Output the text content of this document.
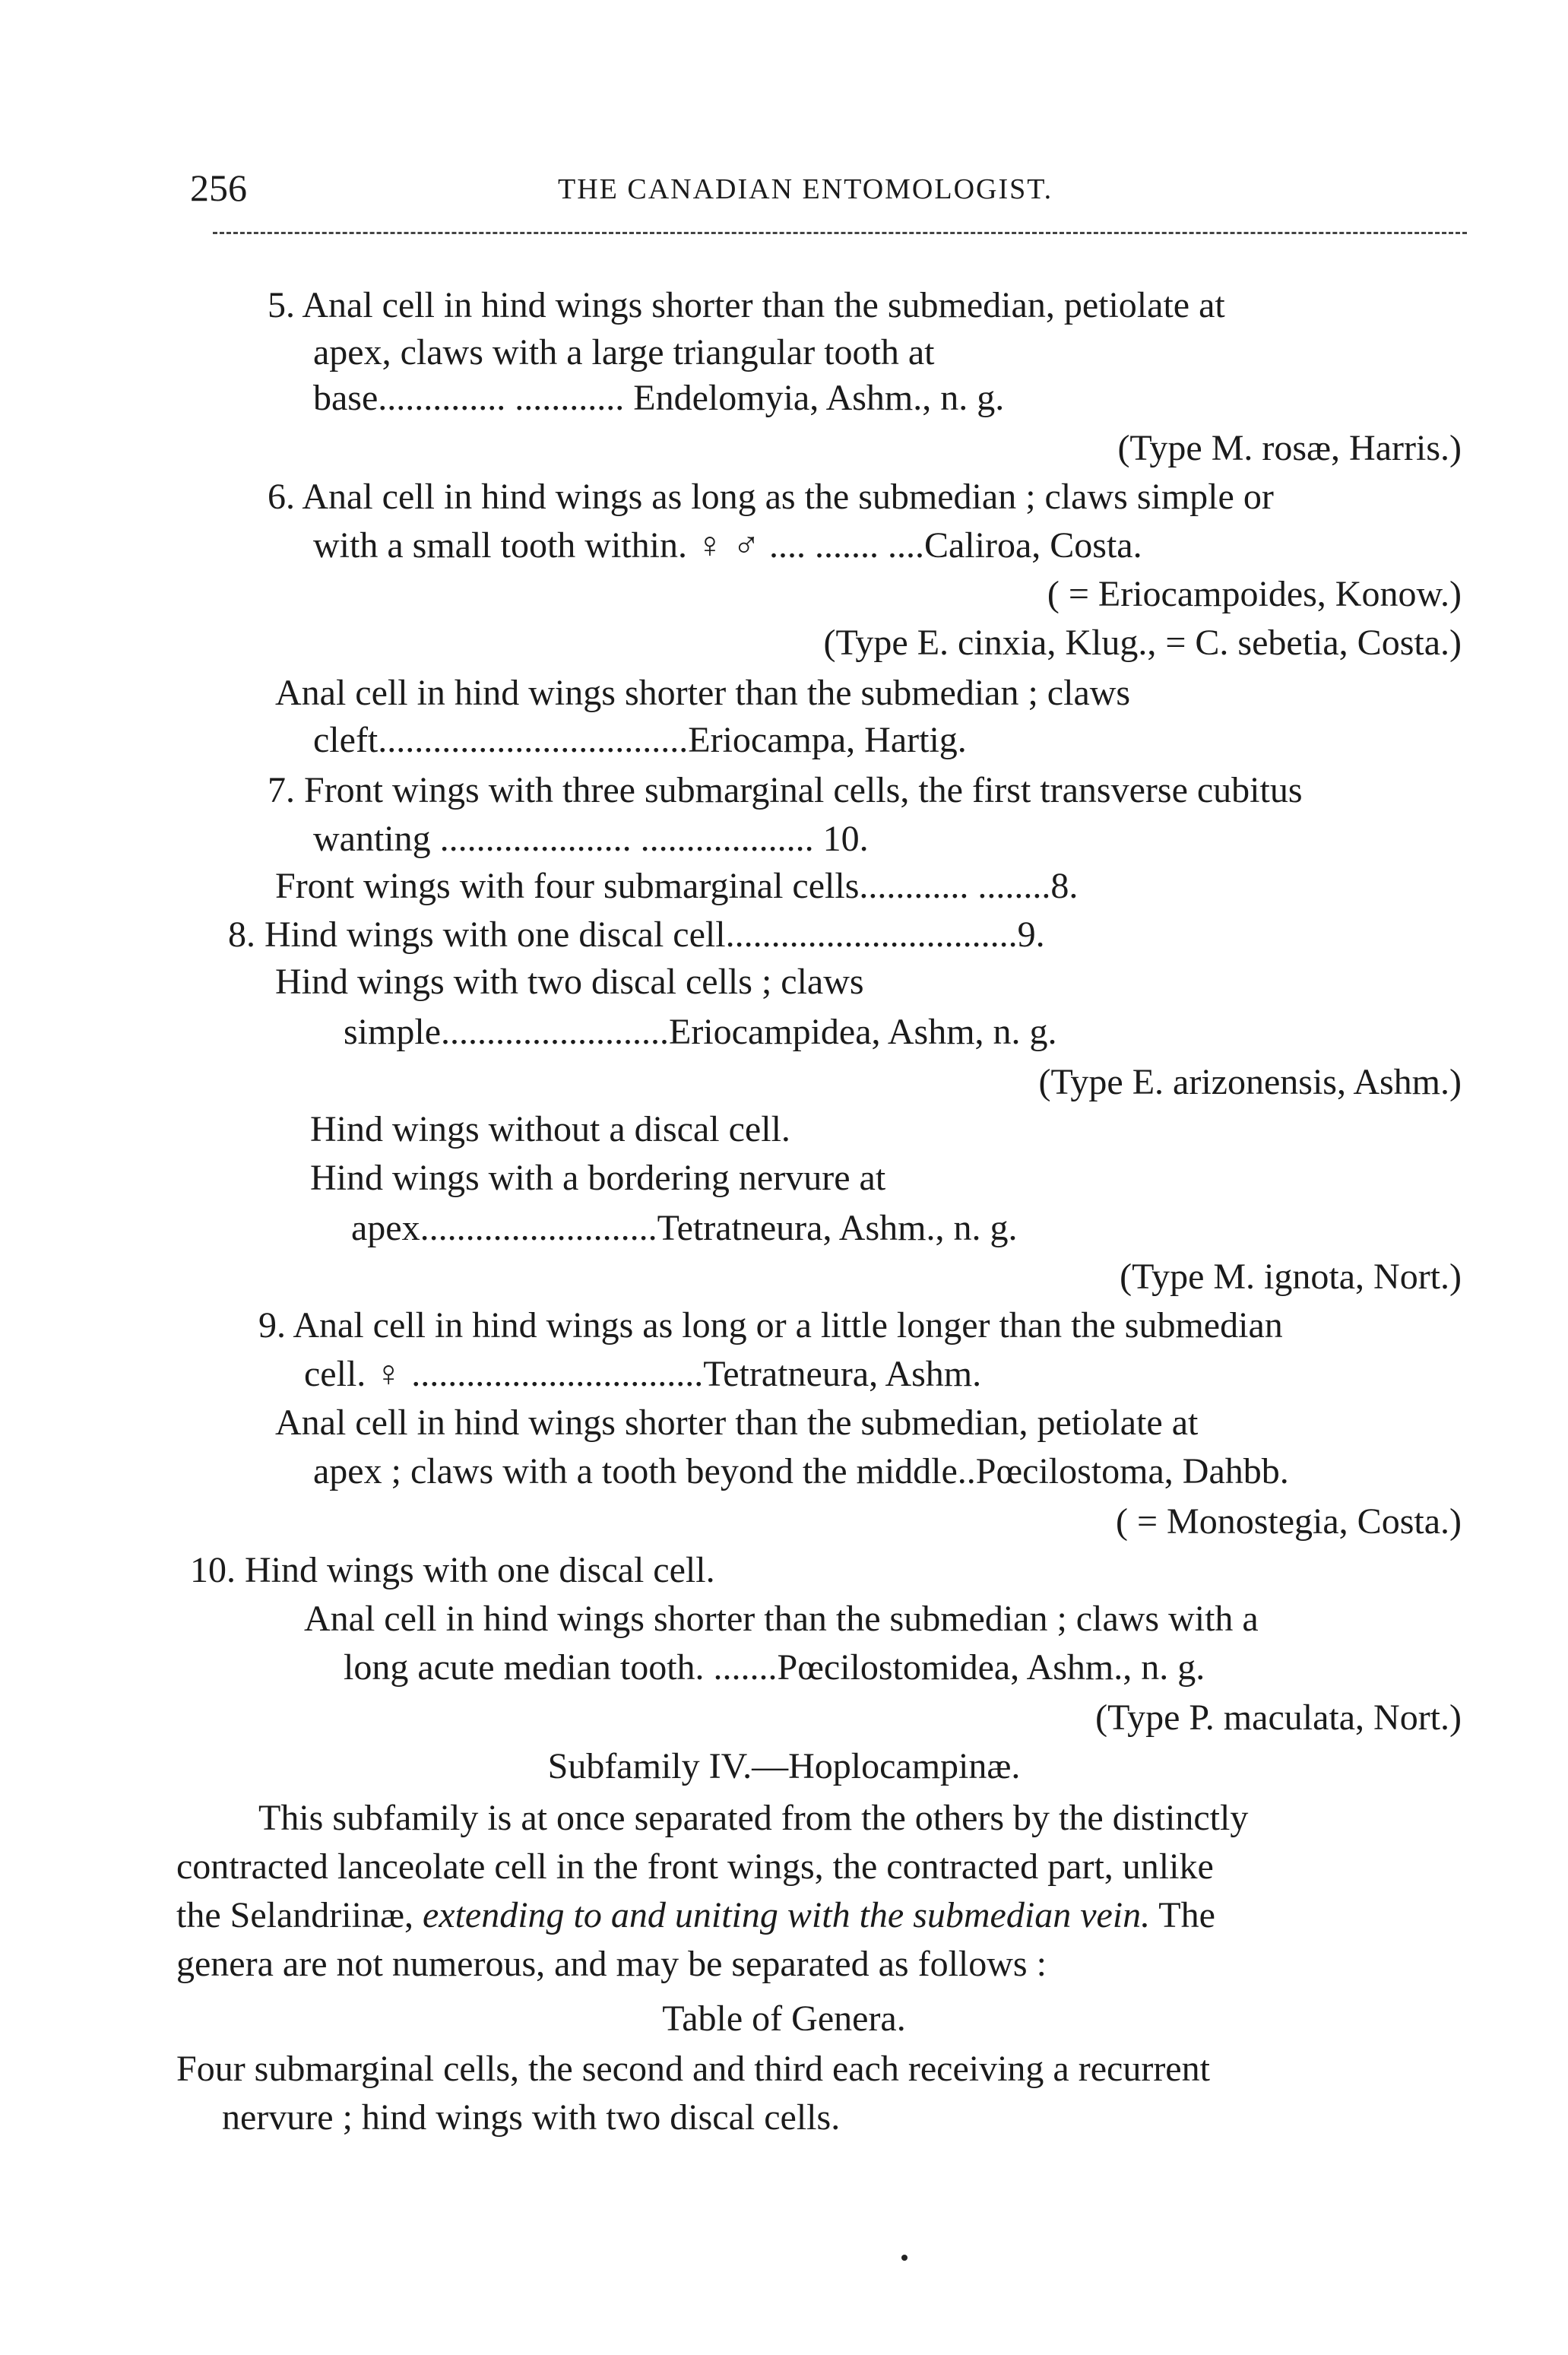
256	THE CANADIAN ENTOMOLOGIST.
5. Anal cell in hind wings shorter than the submedian, petiolate at
apex, claws with a large triangular tooth at
base.............. ............ Endelomyia, Ashm., n. g.
(Type M. rosæ, Harris.)
6. Anal cell in hind wings as long as the submedian ; claws simple or
with a small tooth within. ♀ ♂ .... ....... ....Caliroa, Costa.
( = Eriocampoides, Konow.)
(Type E. cinxia, Klug., = C. sebetia, Costa.)
Anal cell in hind wings shorter than the submedian ; claws
cleft..................................Eriocampa, Hartig.
7. Front wings with three submarginal cells, the first transverse cubitus
wanting ..................... ................... 10.
Front wings with four submarginal cells............ ........8.
8. Hind wings with one discal cell................................9.
Hind wings with two discal cells ; claws
simple.........................Eriocampidea, Ashm, n. g.
(Type E. arizonensis, Ashm.)
Hind wings without a discal cell.
Hind wings with a bordering nervure at
apex..........................Tetratneura, Ashm., n. g.
(Type M. ignota, Nort.)
9. Anal cell in hind wings as long or a little longer than the submedian
cell. ♀ ................................Tetratneura, Ashm.
Anal cell in hind wings shorter than the submedian, petiolate at
apex ; claws with a tooth beyond the middle..Pœcilostoma, Dahbb.
( = Monostegia, Costa.)
10. Hind wings with one discal cell.
Anal cell in hind wings shorter than the submedian ; claws with a
long acute median tooth. .......Pœcilostomidea, Ashm., n. g.
(Type P. maculata, Nort.)
Subfamily IV.—Hoplocampinæ.
This subfamily is at once separated from the others by the distinctly
contracted lanceolate cell in the front wings, the contracted part, unlike
the Selandriinæ, extending to and uniting with the submedian vein. The
genera are not numerous, and may be separated as follows :
Table of Genera.
Four submarginal cells, the second and third each receiving a recurrent
nervure ; hind wings with two discal cells.
